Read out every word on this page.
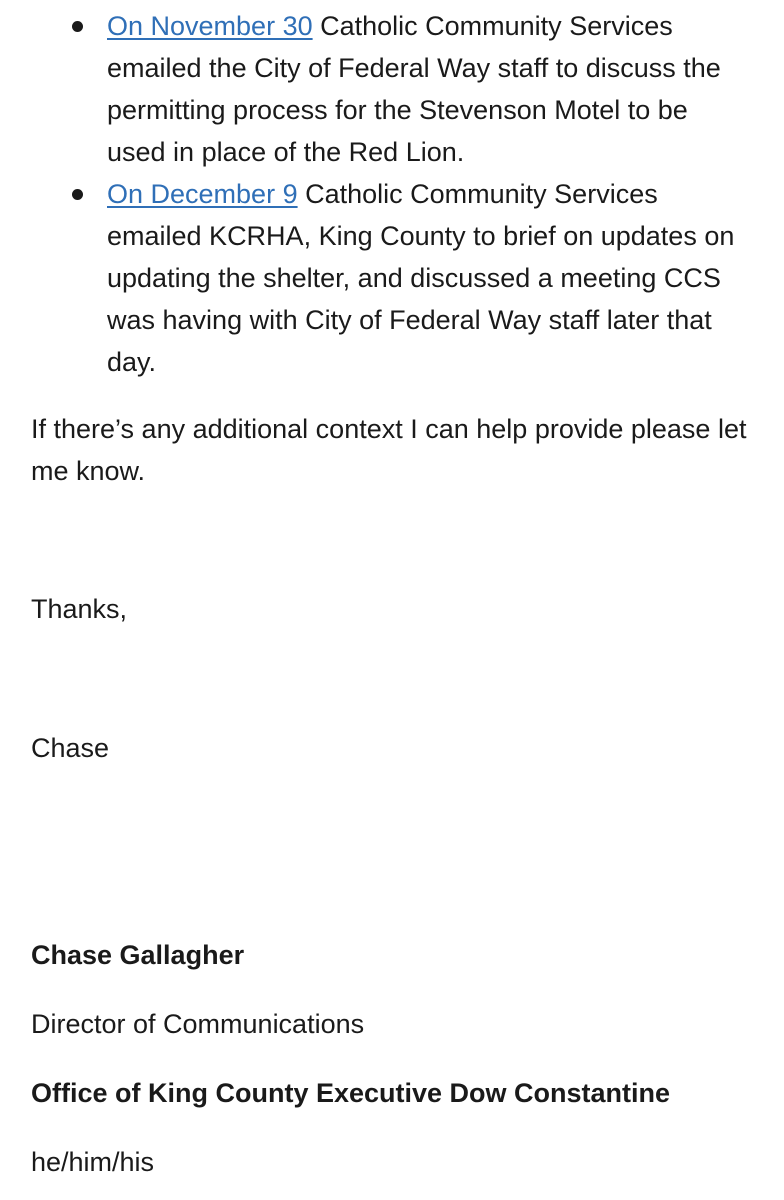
On November 30 Catholic Community Services emailed the City of Federal Way staff to discuss the permitting process for the Stevenson Motel to be used in place of the Red Lion.
On December 9 Catholic Community Services emailed KCRHA, King County to brief on updates on updating the shelter, and discussed a meeting CCS was having with City of Federal Way staff later that day.

If there’s any additional context I can help provide please let me know.

Thanks,

Chase

Chase Gallagher

Director of Communications

Office of King County Executive Dow Constantine

he/him/his
